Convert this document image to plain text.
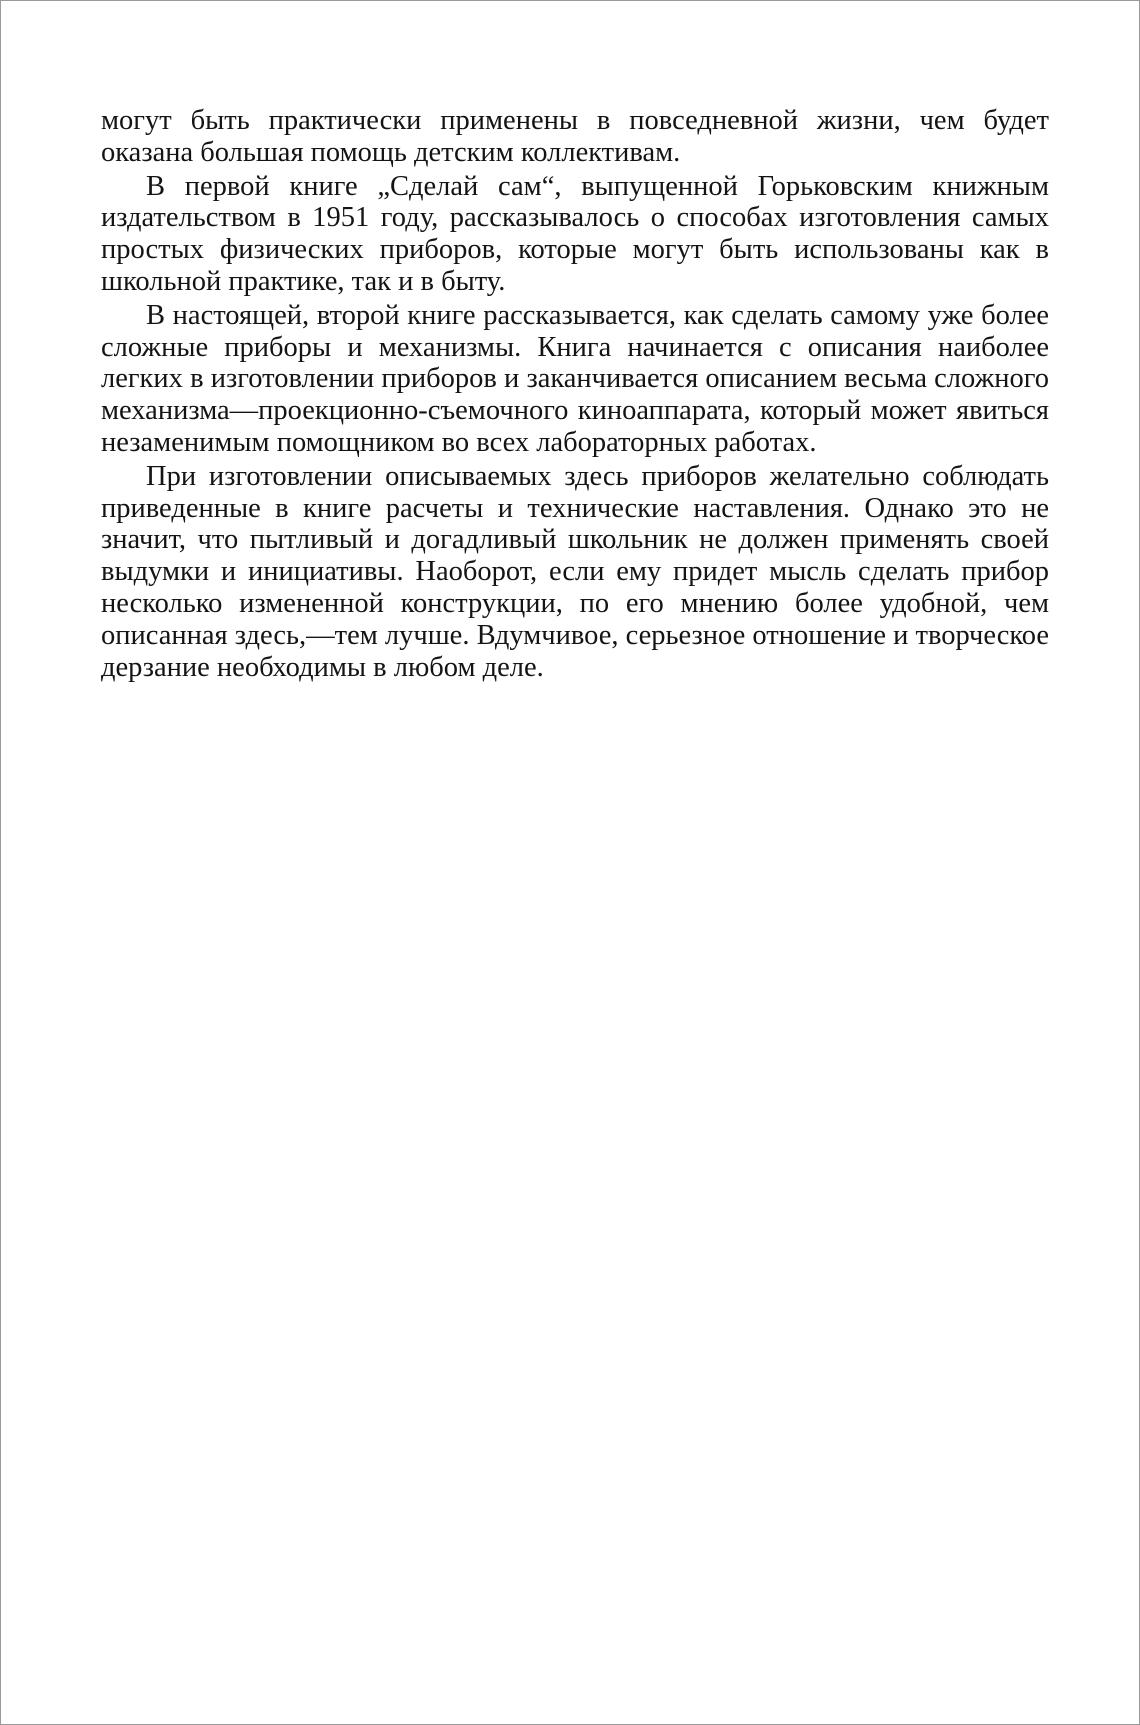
могут быть практически применены в повседневной жизни, чем будет оказана большая помощь детским коллективам.

В первой книге „Сделай сам“, выпущенной Горьковским книжным издательством в 1951 году, рассказывалось о способах изготовления самых простых физических приборов, которые могут быть использованы как в школьной практике, так и в быту.

В настоящей, второй книге рассказывается, как сделать самому уже более сложные приборы и механизмы. Книга начинается с описания наиболее легких в изготовлении приборов и заканчивается описанием весьма сложного механизма—проекционно-съемочного киноаппарата, который может явиться незаменимым помощником во всех лабораторных работах.

При изготовлении описываемых здесь приборов желательно соблюдать приведенные в книге расчеты и технические наставления. Однако это не значит, что пытливый и догадливый школьник не должен применять своей выдумки и инициативы. Наоборот, если ему придет мысль сделать прибор несколько измененной конструкции, по его мнению более удобной, чем описанная здесь,—тем лучше. Вдумчивое, серьезное отношение и творческое дерзание необходимы в любом деле.
